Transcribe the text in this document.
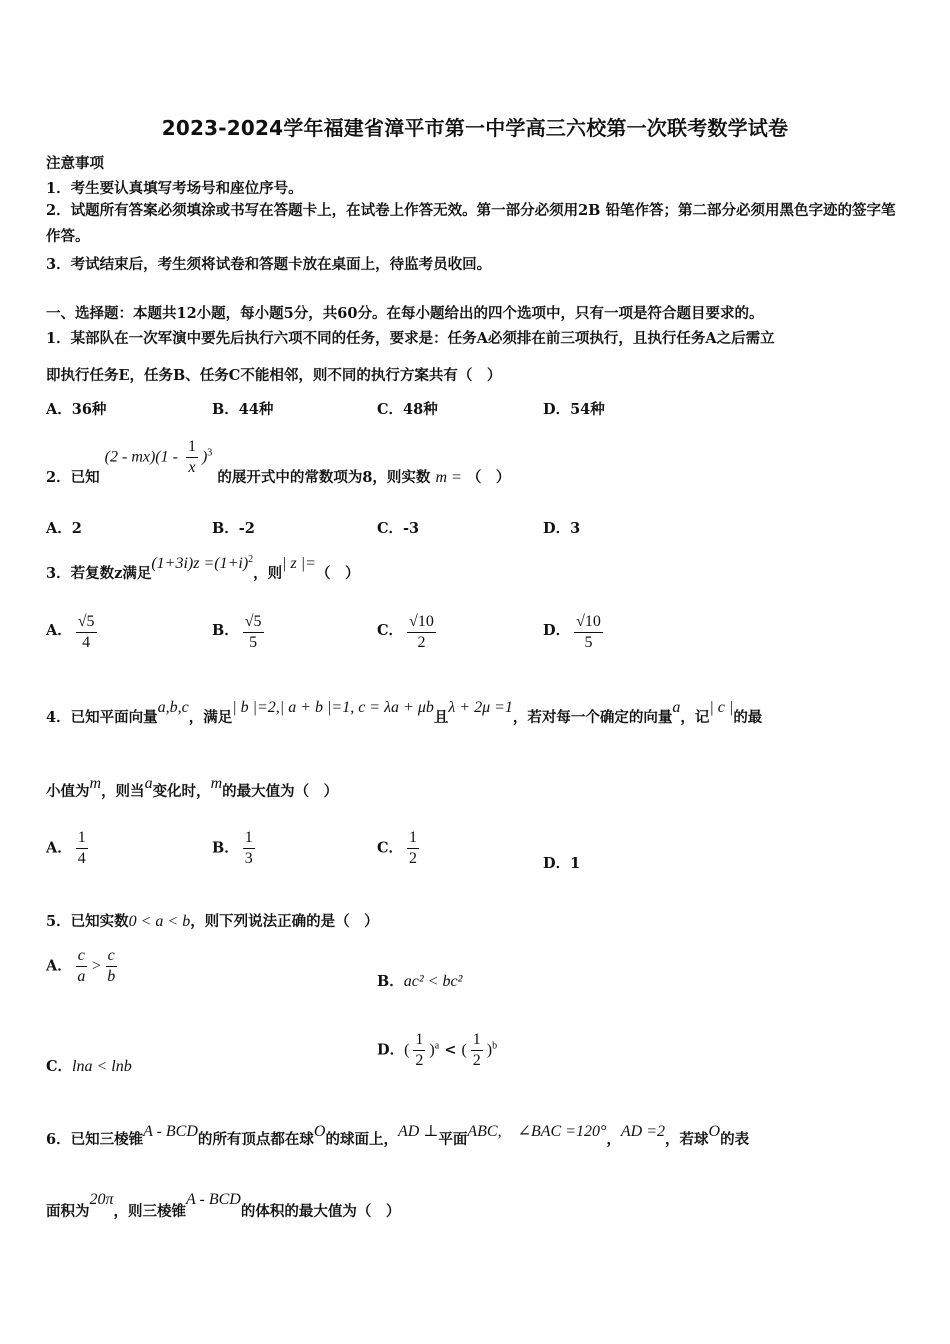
2023-2024学年福建省漳平市第一中学高三六校第一次联考数学试卷
注意事项
1．考生要认真填写考场号和座位序号。
2．试题所有答案必须填涂或书写在答题卡上，在试卷上作答无效。第一部分必须用2B 铅笔作答；第二部分必须用黑色字迹的签字笔作答。
3．考试结束后，考生须将试卷和答题卡放在桌面上，待监考员收回。
一、选择题：本题共12小题，每小题5分，共60分。在每小题给出的四个选项中，只有一项是符合题目要求的。
1．某部队在一次军演中要先后执行六项不同的任务，要求是：任务A必须排在前三项执行，且执行任务A之后需立
即执行任务E，任务B、任务C不能相邻，则不同的执行方案共有（　）
A．36种	B．44种	C．48种	D．54种
2．已知 $(2 - mx)(1 - \frac{1}{x} )^3$ 的展开式中的常数项为8，则实数 m = （　）
A．2	B．-2	C．-3	D．3
3．若复数z满足$(1+3i)z =(1+i)^2$，则| z |=（　）
A． $\frac{√5}{4}$	B． $\frac{√5}{5}$	C． $\frac{√10}{2}$	D． $\frac{√10}{5}$
4．已知平面向量a,b,c，满足| b |=2,| a + b |=1, c = λa + μb且λ + 2μ =1，若对每一个确定的向量a，记| c |的最
小值为m，则当a变化时，m的最大值为（　）
A． $\frac{1}{4}$	B． $\frac{1}{3}$	C． $\frac{1}{2}$	D．1
5．已知实数0 < a < b，则下列说法正确的是（　）
A． $\frac{c}{a} > \frac{c}{b}$	B．ac² < bc²
C．lna < lnb
D．( $\frac{1}{2} )^a$ < ( $\frac{1}{2} )^b$
6．已知三棱锥A - BCD的所有顶点都在球O的球面上，AD ⊥平面ABC,　∠BAC =120°，AD =2，若球O的表
面积为20π，则三棱锥A - BCD的体积的最大值为（　）
